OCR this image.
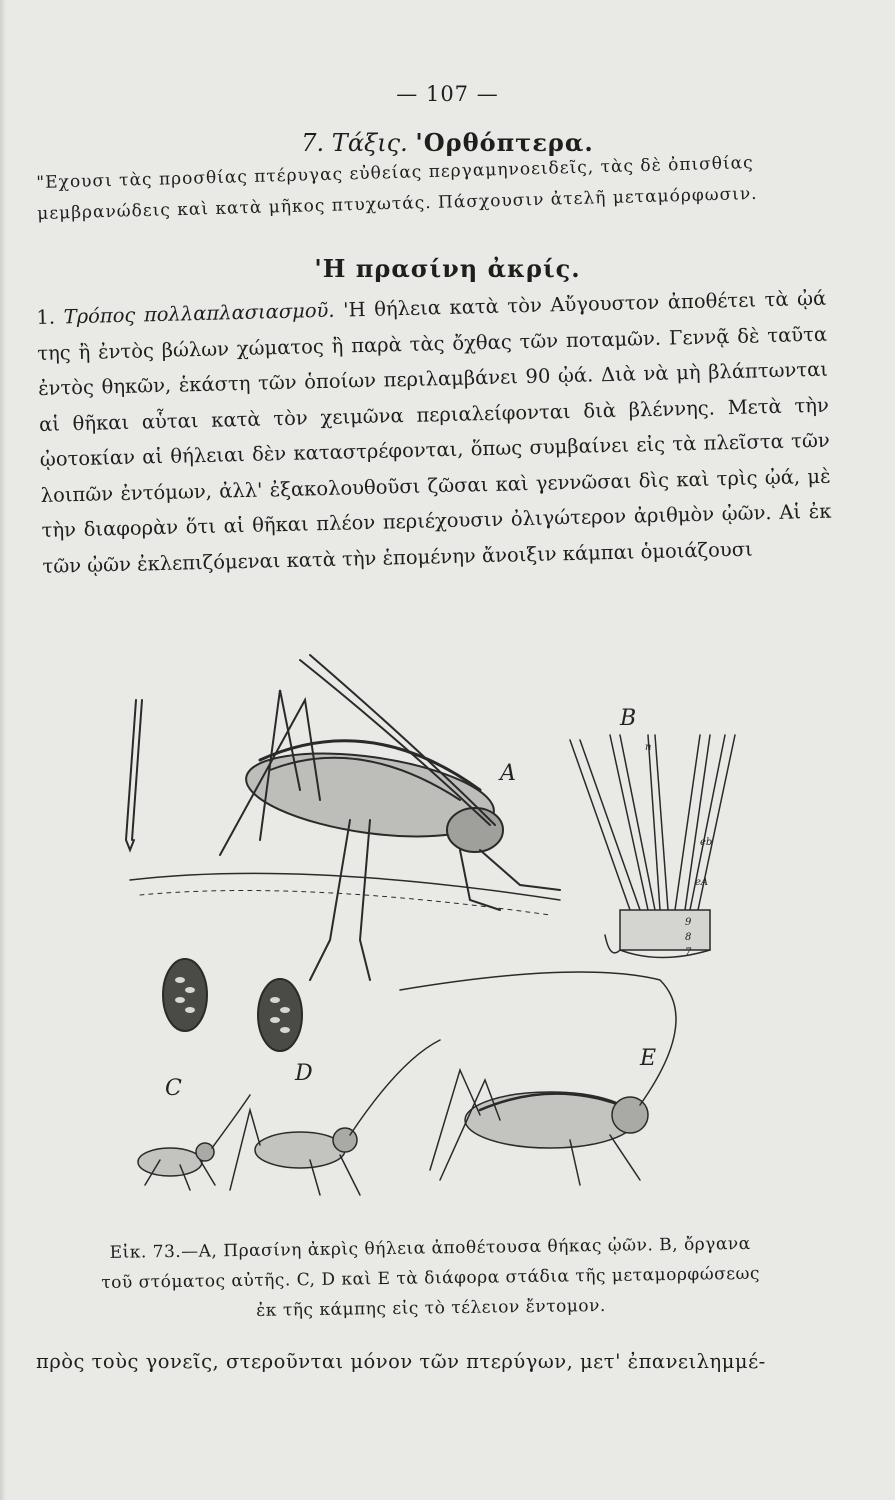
— 107 —
7. Τάξις. 'Ορθόπτερα.
"Εχουσι τὰς προσθίας πτέρυγας εὐθείας περγαμηνοειδεῖς, τὰς δὲ ὀπισθίας μεμβρανώδεις καὶ κατὰ μῆκος πτυχωτάς. Πάσχουσιν ἀτελῆ μεταμόρφωσιν.
'Η πρασίνη ἀκρίς.
1. Τρόπος πολλαπλασιασμοῦ. 'Η θήλεια κατὰ τὸν Αὔγουστον ἀποθέτει τὰ ᾠά της ἢ ἐντὸς βώλων χώματος ἢ παρὰ τὰς ὄχθας τῶν ποταμῶν. Γεννᾷ δὲ ταῦτα ἐντὸς θηκῶν, ἑκάστη τῶν ὁποίων περιλαμβάνει 90 ᾠά. Διὰ νὰ μὴ βλάπτωνται αἱ θῆκαι αὗται κατὰ τὸν χειμῶνα περιαλείφονται διὰ βλέννης. Μετὰ τὴν ᾠοτοκίαν αἱ θήλειαι δὲν καταστρέφονται, ὅπως συμβαίνει εἰς τὰ πλεῖστα τῶν λοιπῶν ἐντόμων, ἀλλ' ἐξακολουθοῦσι ζῶσαι καὶ γεννῶσαι δὶς καὶ τρὶς ᾠά, μὲ τὴν διαφορὰν ὅτι αἱ θῆκαι πλέον περιέχουσιν ὀλιγώτερον ἀριθμὸν ᾠῶν. Αἱ ἐκ τῶν ᾠῶν ἐκλεπιζόμεναι κατὰ τὴν ἑπομένην ἄνοιξιν κάμπαι ὁμοιάζουσι
A
B
C
D
E
n
eb
eA
9
8
7
Εἰκ. 73.—Α, Πρασίνη ἀκρὶς θήλεια ἀποθέτουσα θήκας ᾠῶν. Β, ὄργανα τοῦ στόματος αὐτῆς. C, D καὶ Ε τὰ διάφορα στάδια τῆς μεταμορφώσεως ἐκ τῆς κάμπης εἰς τὸ τέλειον ἔντομον.
πρὸς τοὺς γονεῖς, στεροῦνται μόνον τῶν πτερύγων, μετ' ἐπανειλημμέ-
